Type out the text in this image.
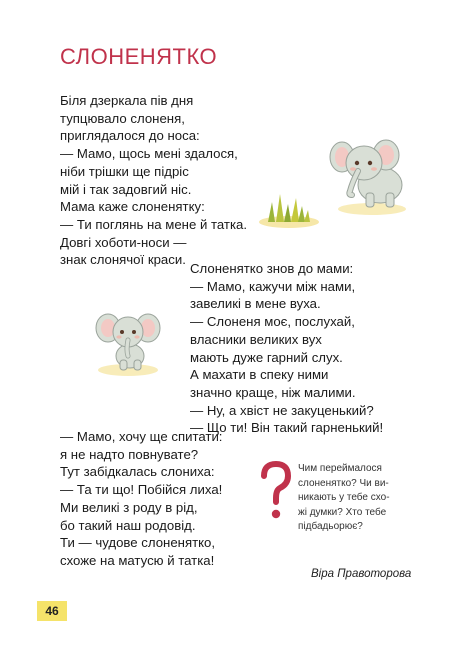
СЛОНЕНЯТКО
Біля дзеркала пів дня
тупцювало слоненя,
приглядалося до носа:
— Мамо, щось мені здалося,
ніби трішки ще підріс
мій і так задовгий ніс.
Мама каже слоненятку:
— Ти поглянь на мене й татка.
Довгі хоботи-носи —
знак слонячої краси.
Слоненятко знов до мами:
— Мамо, кажучи між нами,
завеликі в мене вуха.
— Слоненя моє, послухай,
власники великих вух
мають дуже гарний слух.
А махати в спеку ними
значно краще, ніж малими.
— Ну, а хвіст не закуценький?
— Що ти! Він такий гарненький!
— Мамо, хочу ще спитати:
я не надто повнувате?
Тут забідкалась слониха:
— Та ти що! Побійся лиха!
Ми великі з роду в рід,
бо такий наш родовід.
Ти — чудове слоненятко,
схоже на матусю й татка!
Чим переймалося
слоненятко? Чи ви-
никають у тебе схо-
жі думки? Хто тебе
підбадьорює?
Віра Правоторова
46
